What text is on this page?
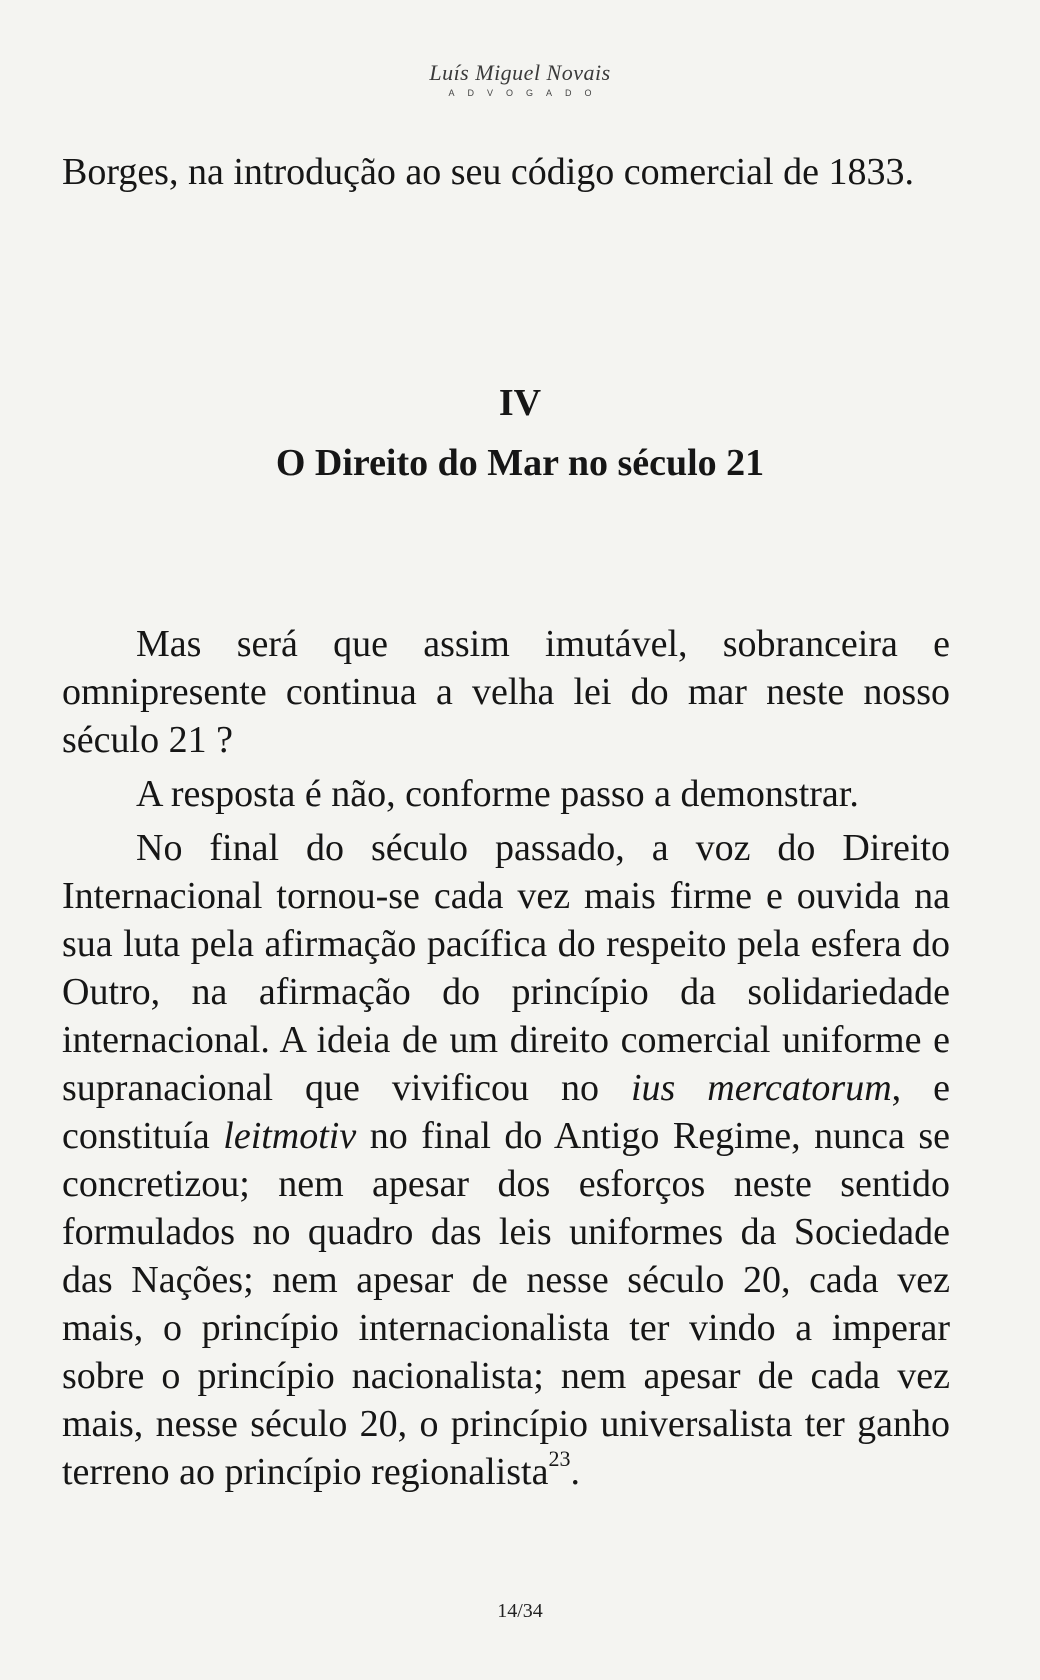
Luís Miguel Novais
ADVOGADO
Borges, na introdução ao seu código comercial de 1833.
IV
O Direito do Mar no século 21

Mas será que assim imutável, sobranceira e omnipresente continua a velha lei do mar neste nosso século 21 ?

A resposta é não, conforme passo a demonstrar.

No final do século passado, a voz do Direito Internacional tornou-se cada vez mais firme e ouvida na sua luta pela afirmação pacífica do respeito pela esfera do Outro, na afirmação do princípio da solidariedade internacional. A ideia de um direito comercial uniforme e supranacional que vivificou no ius mercatorum, e constituía leitmotiv no final do Antigo Regime, nunca se concretizou; nem apesar dos esforços neste sentido formulados no quadro das leis uniformes da Sociedade das Nações; nem apesar de nesse século 20, cada vez mais, o princípio internacionalista ter vindo a imperar sobre o princípio nacionalista; nem apesar de cada vez mais, nesse século 20, o princípio universalista ter ganho terreno ao princípio regionalista$^{23}$.

14/34
